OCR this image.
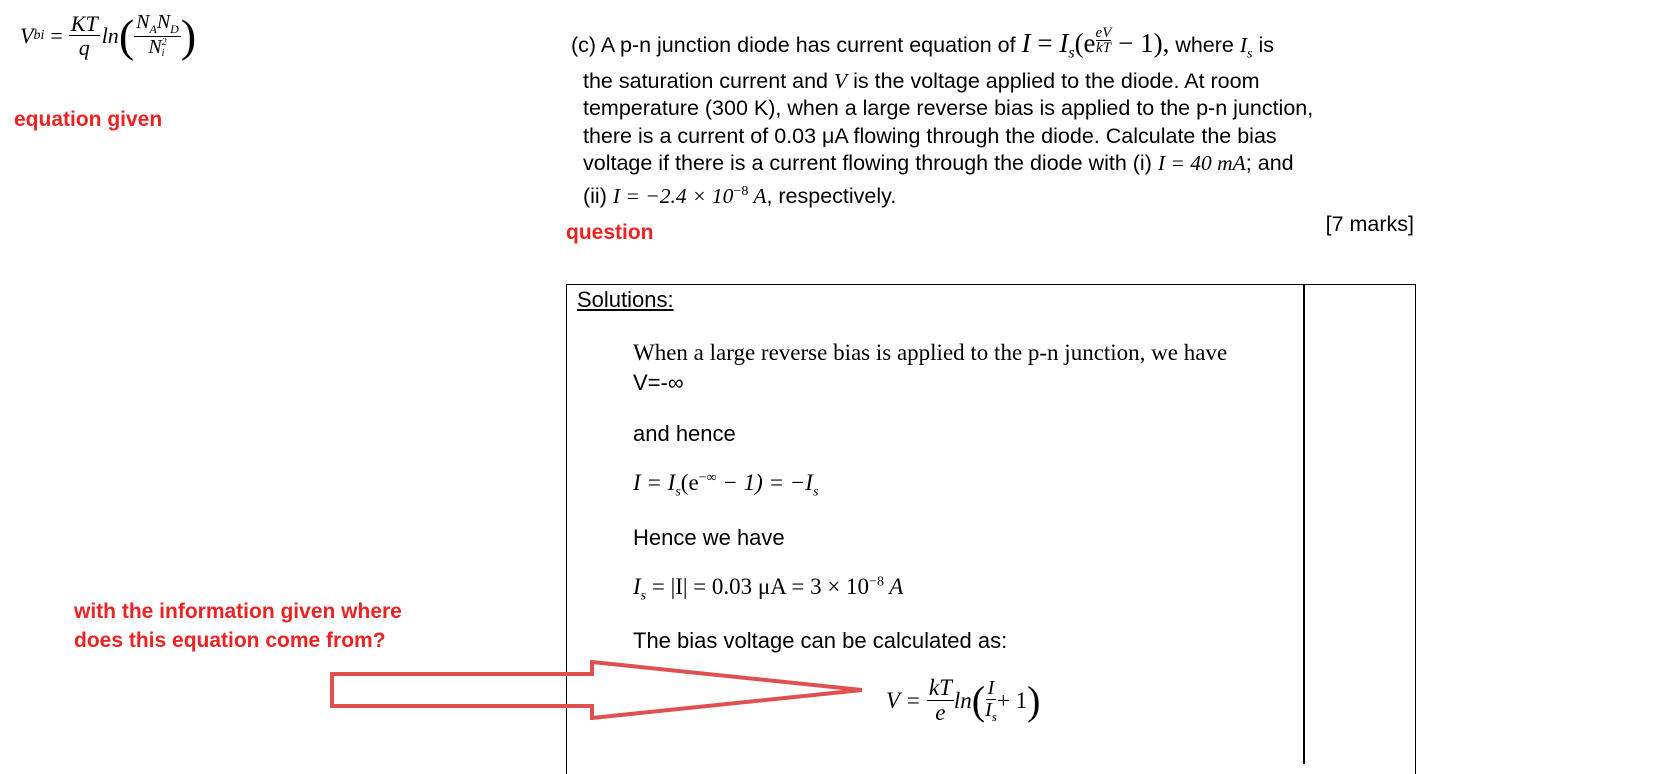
V bi = $\frac{KT}{q}$ ln ( $N_AN_D$
N 2
i )
equation given
(c) A p-n junction diode has current equation of $I = I_s(e \frac{eV}{kT} - 1)$, where $I_s$ is
the saturation current and V is the voltage applied to the diode. At room
temperature (300 K), when a large reverse bias is applied to the p-n junction,
there is a current of 0.03 μA flowing through the diode. Calculate the bias
voltage if there is a current flowing through the diode with (i) I = 40 mA; and
(ii) $I = -2.4 \times 10^{-8}$ A, respectively.
[7 marks]
question
Solutions:
When a large reverse bias is applied to the p-n junction, we have
V=-∞
and hence
$I = I_s(e^{-\infty} - 1) = -I_s$
Hence we have
$I_s = |I| = 0.03$ $\mu A = 3 \times 10^{-8}$ A
The bias voltage can be calculated as:
$V = \frac{kT}{e}$ ln ( $\frac{I}{I_s} + 1$ )
with the information given where
does this equation come from?
